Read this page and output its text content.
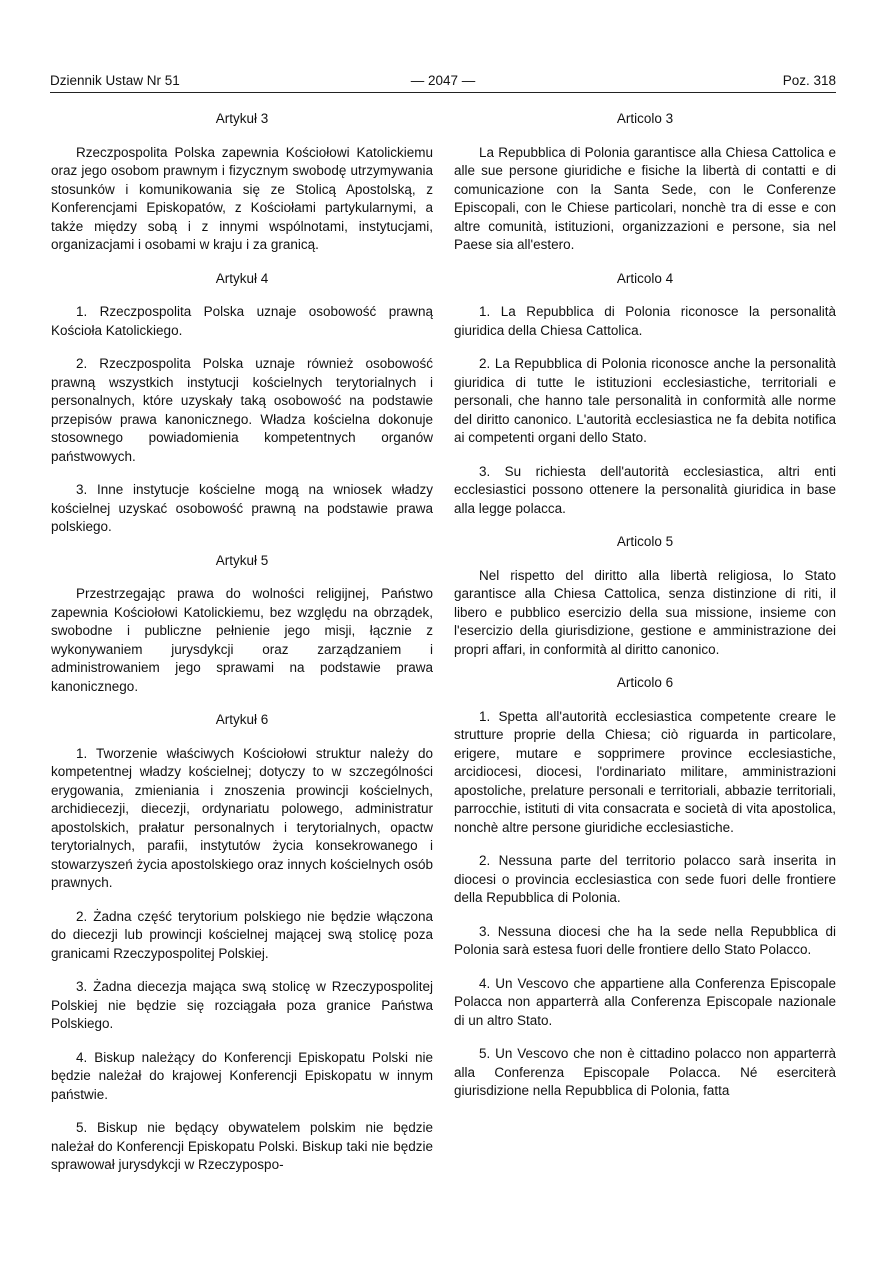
Dziennik Ustaw Nr 51	— 2047 —	Poz. 318
Artykuł 3
Rzeczpospolita Polska zapewnia Kościołowi Katolickiemu oraz jego osobom prawnym i fizycznym swobodę utrzymywania stosunków i komunikowania się ze Stolicą Apostolską, z Konferencjami Episkopatów, z Kościołami partykularnymi, a także między sobą i z innymi wspólnotami, instytucjami, organizacjami i osobami w kraju i za granicą.
Artykuł 4
1. Rzeczpospolita Polska uznaje osobowość prawną Kościoła Katolickiego.
2. Rzeczpospolita Polska uznaje również osobowość prawną wszystkich instytucji kościelnych terytorialnych i personalnych, które uzyskały taką osobowość na podstawie przepisów prawa kanonicznego. Władza kościelna dokonuje stosownego powiadomienia kompetentnych organów państwowych.
3. Inne instytucje kościelne mogą na wniosek władzy kościelnej uzyskać osobowość prawną na podstawie prawa polskiego.
Artykuł 5
Przestrzegając prawa do wolności religijnej, Państwo zapewnia Kościołowi Katolickiemu, bez względu na obrządek, swobodne i publiczne pełnienie jego misji, łącznie z wykonywaniem jurysdykcji oraz zarządzaniem i administrowaniem jego sprawami na podstawie prawa kanonicznego.
Artykuł 6
1. Tworzenie właściwych Kościołowi struktur należy do kompetentnej władzy kościelnej; dotyczy to w szczególności erygowania, zmieniania i znoszenia prowincji kościelnych, archidiecezji, diecezji, ordynariatu polowego, administratur apostolskich, prałatur personalnych i terytorialnych, opactw terytorialnych, parafii, instytutów życia konsekrowanego i stowarzyszeń życia apostolskiego oraz innych kościelnych osób prawnych.
2. Żadna część terytorium polskiego nie będzie włączona do diecezji lub prowincji kościelnej mającej swą stolicę poza granicami Rzeczypospolitej Polskiej.
3. Żadna diecezja mająca swą stolicę w Rzeczypospolitej Polskiej nie będzie się rozciągała poza granice Państwa Polskiego.
4. Biskup należący do Konferencji Episkopatu Polski nie będzie należał do krajowej Konferencji Episkopatu w innym państwie.
5. Biskup nie będący obywatelem polskim nie będzie należał do Konferencji Episkopatu Polski. Biskup taki nie będzie sprawował jurysdykcji w Rzeczypospo-
Articolo 3
La Repubblica di Polonia garantisce alla Chiesa Cattolica e alle sue persone giuridiche e fisiche la libertà di contatti e di comunicazione con la Santa Sede, con le Conferenze Episcopali, con le Chiese particolari, nonchè tra di esse e con altre comunità, istituzioni, organizzazioni e persone, sia nel Paese sia all'estero.
Articolo 4
1. La Repubblica di Polonia riconosce la personalità giuridica della Chiesa Cattolica.
2. La Repubblica di Polonia riconosce anche la personalità giuridica di tutte le istituzioni ecclesiastiche, territoriali e personali, che hanno tale personalità in conformità alle norme del diritto canonico. L'autorità ecclesiastica ne fa debita notifica ai competenti organi dello Stato.
3. Su richiesta dell'autorità ecclesiastica, altri enti ecclesiastici possono ottenere la personalità giuridica in base alla legge polacca.
Articolo 5
Nel rispetto del diritto alla libertà religiosa, lo Stato garantisce alla Chiesa Cattolica, senza distinzione di riti, il libero e pubblico esercizio della sua missione, insieme con l'esercizio della giurisdizione, gestione e amministrazione dei propri affari, in conformità al diritto canonico.
Articolo 6
1. Spetta all'autorità ecclesiastica competente creare le strutture proprie della Chiesa; ciò riguarda in particolare, erigere, mutare e sopprimere province ecclesiastiche, arcidiocesi, diocesi, l'ordinariato militare, amministrazioni apostoliche, prelature personali e territoriali, abbazie territoriali, parrocchie, istituti di vita consacrata e società di vita apostolica, nonchè altre persone giuridiche ecclesiastiche.
2. Nessuna parte del territorio polacco sarà inserita in diocesi o provincia ecclesiastica con sede fuori delle frontiere della Repubblica di Polonia.
3. Nessuna diocesi che ha la sede nella Repubblica di Polonia sarà estesa fuori delle frontiere dello Stato Polacco.
4. Un Vescovo che appartiene alla Conferenza Episcopale Polacca non apparterrà alla Conferenza Episcopale nazionale di un altro Stato.
5. Un Vescovo che non è cittadino polacco non apparterrà alla Conferenza Episcopale Polacca. Né eserciterà giurisdizione nella Repubblica di Polonia, fatta
